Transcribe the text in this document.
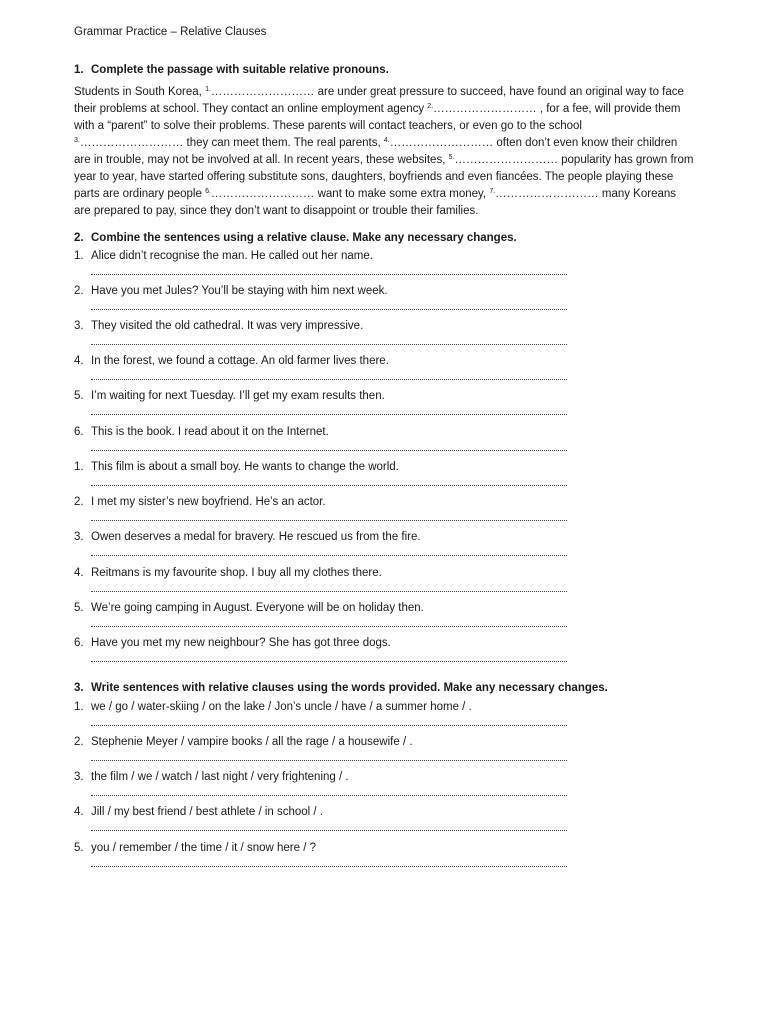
Grammar Practice – Relative Clauses
1. Complete the passage with suitable relative pronouns.
Students in South Korea, $^{1.}$……………………… are under great pressure to succeed, have found an original way to face their problems at school. They contact an online employment agency $^{2.}$……………………… , for a fee, will provide them with a “parent” to solve their problems. These parents will contact teachers, or even go to the school $^{3.}$……………………… they can meet them. The real parents, $^{4.}$……………………… often don’t even know their children are in trouble, may not be involved at all. In recent years, these websites, $^{5.}$……………………… popularity has grown from year to year, have started offering substitute sons, daughters, boyfriends and even fiancées. The people playing these parts are ordinary people $^{6.}$……………………… want to make some extra money, $^{7.}$……………………… many Koreans are prepared to pay, since they don’t want to disappoint or trouble their families.
2. Combine the sentences using a relative clause. Make any necessary changes.
1. Alice didn’t recognise the man. He called out her name.
2. Have you met Jules? You’ll be staying with him next week.
3. They visited the old cathedral. It was very impressive.
4. In the forest, we found a cottage. An old farmer lives there.
5. I’m waiting for next Tuesday. I’ll get my exam results then.
6. This is the book. I read about it on the Internet.
1. This film is about a small boy. He wants to change the world.
2. I met my sister’s new boyfriend. He’s an actor.
3. Owen deserves a medal for bravery. He rescued us from the fire.
4. Reitmans is my favourite shop. I buy all my clothes there.
5. We’re going camping in August. Everyone will be on holiday then.
6. Have you met my new neighbour? She has got three dogs.
3. Write sentences with relative clauses using the words provided. Make any necessary changes.
1. we / go / water-skiing / on the lake / Jon’s uncle / have / a summer home / .
2. Stephenie Meyer / vampire books / all the rage / a housewife / .
3. the film / we / watch / last night / very frightening / .
4. Jill / my best friend / best athlete / in school / .
5. you / remember / the time / it / snow here / ?
